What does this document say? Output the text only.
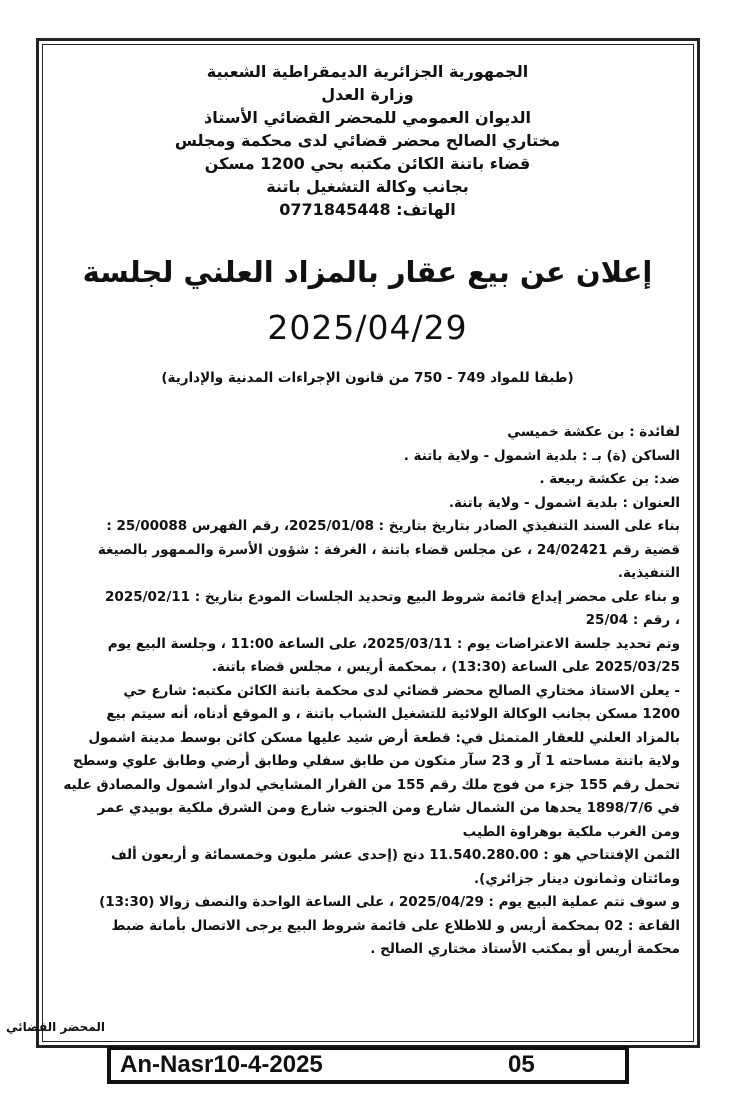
الجمهورية الجزائرية الديمقراطية الشعبية
وزارة العدل
الديوان العمومي للمحضر القضائي الأستاذ
مختاري الصالح محضر قضائي لدى محكمة ومجلس
قضاء باتنة الكائن مكتبه بحي 1200 مسكن
بجانب وكالة التشغيل باتنة
الهاتف: 0771845448
إعلان عن بيع عقار بالمزاد العلني لجلسة
2025/04/29
(طبقا للمواد 749 - 750 من قانون الإجراءات المدنية والإدارية)
لفائدة : بن عكشة خميسي
الساكن (ة) بـ : بلدية اشمول - ولاية باتنة .
ضد: بن عكشة ربيعة .
العنوان : بلدية اشمول - ولاية باتنة.
بناء على السند التنفيذي الصادر بتاريخ بتاريخ : 2025/01/08، رقم الفهرس 25/00088 :
قضية رقم 24/02421 ، عن مجلس قضاء باتنة ، الغرفة : شؤون الأسرة والممهور بالصيغة
التنفيذية.
و بناء على محضر إيداع قائمة شروط البيع وتحديد الجلسات المودع بتاريخ : 2025/02/11
، رقم : 25/04
وتم تحديد جلسة الاعتراضات يوم : 2025/03/11، على الساعة 11:00 ، وجلسة البيع يوم
2025/03/25 على الساعة (13:30) ، بمحكمة أريس ، مجلس قضاء باتنة.
- يعلن الاستاذ مختاري الصالح محضر قضائي لدى محكمة باتنة الكائن مكتبه: شارع حي
1200 مسكن بجانب الوكالة الولائية للتشغيل الشباب باتنة ، و الموقع أدناه، أنه سيتم بيع
بالمزاد العلني للعقار المتمثل في: قطعة أرض شيد عليها مسكن كائن بوسط مدينة اشمول
ولاية باتنة مساحته 1 آر و 23 سآر متكون من طابق سفلي وطابق أرضي وطابق علوي وسطح
تحمل رقم 155 جزء من فوج ملك رقم 155 من القرار المشايخي لدوار اشمول والمصادق عليه
في 1898/7/6 يحدها من الشمال شارع ومن الجنوب شارع ومن الشرق ملكية بوبيدي عمر
ومن الغرب ملكية بوهراوة الطيب
الثمن الإفتتاحي هو : 11.540.280.00 دنج (إحدى عشر مليون وخمسمائة و أربعون ألف
ومائتان وثمانون دينار جزائري).
و سوف تتم عملية البيع يوم : 2025/04/29 ، على الساعة الواحدة والنصف زوالا (13:30)
القاعة : 02 بمحكمة أريس و للاطلاع على قائمة شروط البيع يرجى الاتصال بأمانة ضبط
محكمة أريس أو بمكتب الأستاذ مختاري الصالح .
المحضر القضائي
An-Nasr10-4-2025	05
